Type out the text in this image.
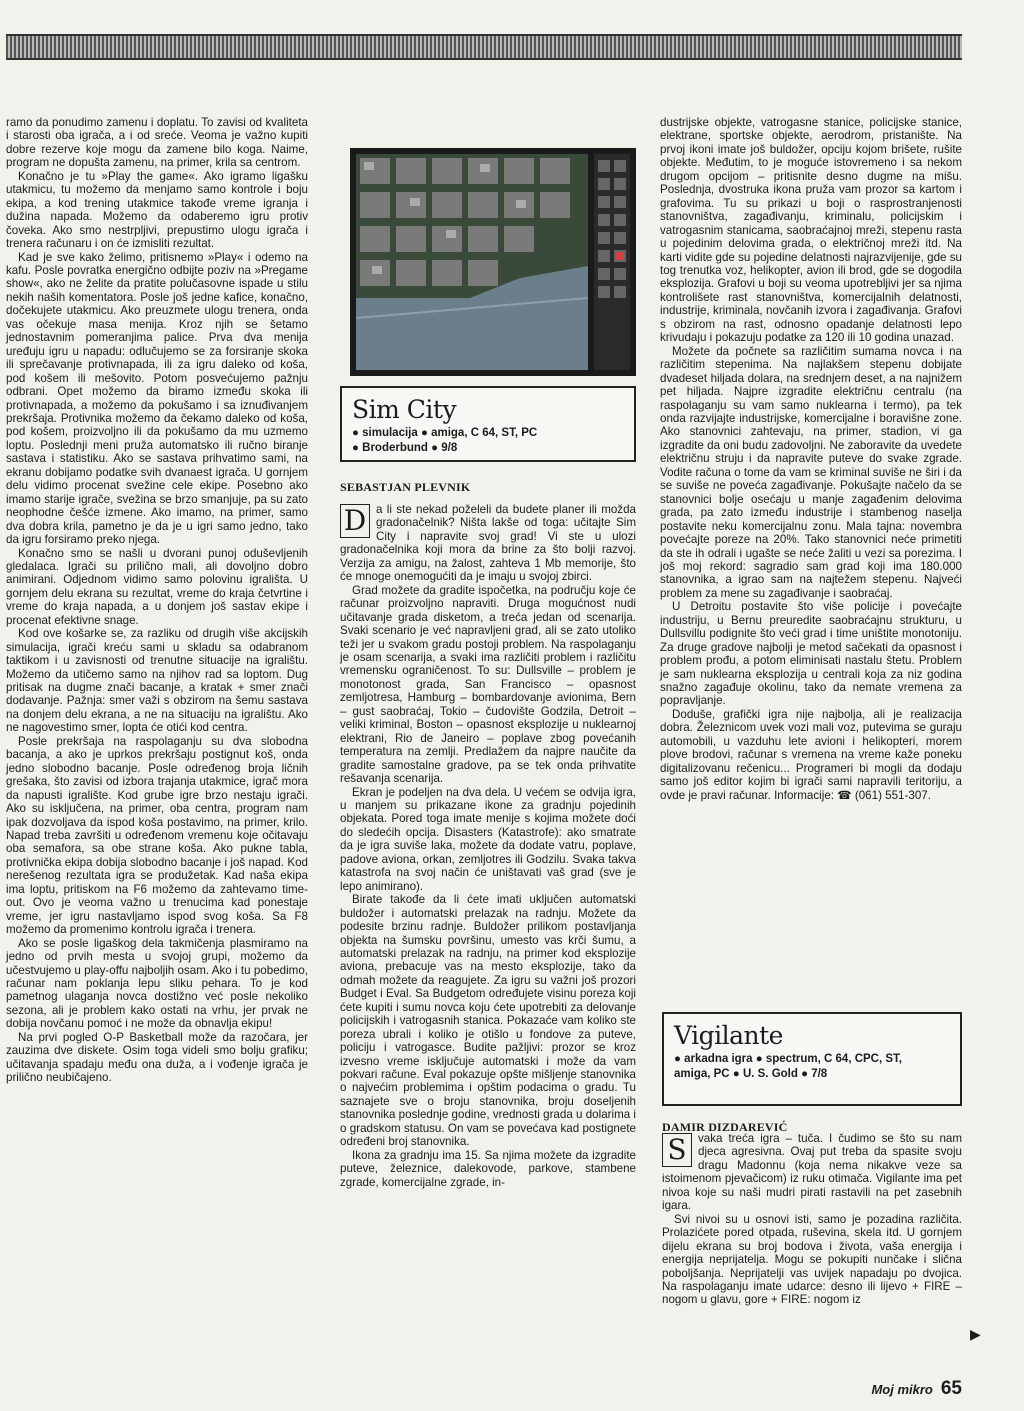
ramo da ponudimo zamenu i doplatu. To zavisi od kvaliteta i starosti oba igrača, a i od sreće. Veoma je važno kupiti dobre rezerve koje mogu da zamene bilo koga. Naime, program ne dopušta zamenu, na primer, krila sa centrom.

Konačno je tu »Play the game«. Ako igramo ligašku utakmicu, tu možemo da menjamo samo kontrole i boju ekipa, a kod trening utakmice takođe vreme igranja i dužina napada. Možemo da odaberemo igru protiv čoveka. Ako smo nestrpljivi, prepustimo ulogu igrača i trenera računaru i on će izmisliti rezultat.

Kad je sve kako želimo, pritisnemo »Play« i odemo na kafu. Posle povratka energično odbijte poziv na »Pregame show«, ako ne želite da pratite polučasovne ispade u stilu nekih naših komentatora. Posle još jedne kafice, konačno, dočekujete utakmicu. Ako preuzmete ulogu trenera, onda vas očekuje masa menija. Kroz njih se šetamo jednostavnim pomeranjima palice. Prva dva menija uređuju igru u napadu: odlučujemo se za forsiranje skoka ili sprečavanje protivnapada, ili za igru daleko od koša, pod košem ili mešovito. Potom posvećujemo pažnju odbrani. Opet možemo da biramo između skoka ili protivnapada, a možemo da pokušamo i sa iznuđivanjem prekršaja. Protivnika možemo da čekamo daleko od koša, pod košem, proizvoljno ili da pokušamo da mu uzmemo loptu. Poslednji meni pruža automatsko ili ručno biranje sastava i statistiku. Ako se sastava prihvatimo sami, na ekranu dobijamo podatke svih dvanaest igrača. U gornjem delu vidimo procenat svežine cele ekipe. Posebno ako imamo starije igrače, svežina se brzo smanjuje, pa su zato neophodne češće izmene. Ako imamo, na primer, samo dva dobra krila, pametno je da je u igri samo jedno, tako da igru forsiramo preko njega.

Konačno smo se našli u dvorani punoj oduševljenih gledalaca. Igrači su prilično mali, ali dovoljno dobro animirani. Odjednom vidimo samo polovinu igrališta. U gornjem delu ekrana su rezultat, vreme do kraja četvrtine i vreme do kraja napada, a u donjem još sastav ekipe i procenat efektivne snage.

Kod ove košarke se, za razliku od drugih više akcijskih simulacija, igrači kreću sami u skladu sa odabranom taktikom i u zavisnosti od trenutne situacije na igralištu. Možemo da utičemo samo na njihov rad sa loptom. Dug pritisak na dugme znači bacanje, a kratak + smer znači dodavanje. Pažnja: smer važi s obzirom na šemu sastava na donjem delu ekrana, a ne na situaciju na igralištu. Ako ne nagovestimo smer, lopta će otići kod centra.

Posle prekršaja na raspolaganju su dva slobodna bacanja, a ako je uprkos prekršaju postignut koš, onda jedno slobodno bacanje. Posle određenog broja ličnih grešaka, što zavisi od izbora trajanja utakmice, igrač mora da napusti igralište. Kod grube igre brzo nestaju igrači. Ako su isključena, na primer, oba centra, program nam ipak dozvoljava da ispod koša postavimo, na primer, krilo. Napad treba završiti u određenom vremenu koje očitavaju oba semafora, sa obe strane koša. Ako pukne tabla, protivnička ekipa dobija slobodno bacanje i još napad. Kod nerešenog rezultata igra se produžetak. Kad naša ekipa ima loptu, pritiskom na F6 možemo da zahtevamo time-out. Ovo je veoma važno u trenucima kad ponestaje vreme, jer igru nastavljamo ispod svog koša. Sa F8 možemo da promenimo kontrolu igrača i trenera.

Ako se posle ligaškog dela takmičenja plasmiramo na jedno od prvih mesta u svojoj grupi, možemo da učestvujemo u play-offu najboljih osam. Ako i tu pobedimo, računar nam poklanja lepu sliku pehara. To je kod pametnog ulaganja novca dostižno već posle nekoliko sezona, ali je problem kako ostati na vrhu, jer prvak ne dobija novčanu pomoć i ne može da obnavlja ekipu!

Na prvi pogled O-P Basketball može da razočara, jer zauzima dve diskete. Osim toga videli smo bolju grafiku; učitavanja spadaju među ona duža, a i vođenje igrača je prilično neubičajeno.

Sim City
● simulacija ● amiga, C 64, ST, PC
● Broderbund ● 9/8
SEBASTJAN PLEVNIK

D a li ste nekad poželeli da budete planer ili možda gradonačelnik? Ništa lakše od toga: učitajte Sim City i napravite svoj grad! Vi ste u ulozi gradonačelnika koji mora da brine za što bolji razvoj. Verzija za amigu, na žalost, zahteva 1 Mb memorije, što će mnoge onemogućiti da je imaju u svojoj zbirci.

Grad možete da gradite ispočetka, na području koje će računar proizvoljno napraviti. Druga mogućnost nudi učitavanje grada disketom, a treća jedan od scenarija. Svaki scenario je već napravljeni grad, ali se zato utoliko teži jer u svakom gradu postoji problem. Na raspolaganju je osam scenarija, a svaki ima različiti problem i različitu vremensku ograničenost. To su: Dullsville – problem je monotonost grada, San Francisco – opasnost zemljotresa, Hamburg – bombardovanje avionima, Bern – gust saobraćaj, Tokio – čudovište Godzila, Detroit – veliki kriminal, Boston – opasnost eksplozije u nuklearnoj elektrani, Rio de Janeiro – poplave zbog povećanih temperatura na zemlji. Predlažem da najpre naučite da gradite samostalne gradove, pa se tek onda prihvatite rešavanja scenarija.

Ekran je podeljen na dva dela. U većem se odvija igra, u manjem su prikazane ikone za gradnju pojedinih objekata. Pored toga imate menije s kojima možete doći do sledećih opcija. Disasters (Katastrofe): ako smatrate da je igra suviše laka, možete da dodate vatru, poplave, padove aviona, orkan, zemljotres ili Godzilu. Svaka takva katastrofa na svoj način će uništavati vaš grad (sve je lepo animirano).

Birate takođe da li ćete imati uključen automatski buldožer i automatski prelazak na radnju. Možete da podesite brzinu radnje. Buldožer prilikom postavljanja objekta na šumsku površinu, umesto vas krči šumu, a automatski prelazak na radnju, na primer kod eksplozije aviona, prebacuje vas na mesto eksplozije, tako da odmah možete da reagujete. Za igru su važni još prozori Budget i Eval. Sa Budgetom određujete visinu poreza koji ćete kupiti i sumu novca koju ćete upotrebiti za delovanje policijskih i vatrogasnih stanica. Pokazaće vam koliko ste poreza ubrali i koliko je otišlo u fondove za puteve, policiju i vatrogasce. Budite pažljivi: prozor se kroz izvesno vreme isključuje automatski i može da vam pokvari račune. Eval pokazuje opšte mišljenje stanovnika o najvećim problemima i opštim podacima o gradu. Tu saznajete sve o broju stanovnika, broju doseljenih stanovnika poslednje godine, vrednosti grada u dolarima i o gradskom statusu. On vam se povećava kad postignete određeni broj stanovnika.

Ikona za gradnju ima 15. Sa njima možete da izgradite puteve, železnice, dalekovode, parkove, stambene zgrade, komercijalne zgrade, in-

dustrijske objekte, vatrogasne stanice, policijske stanice, elektrane, sportske objekte, aerodrom, pristanište. Na prvoj ikoni imate još buldožer, opciju kojom brišete, rušite objekte. Međutim, to je moguće istovremeno i sa nekom drugom opcijom – pritisnite desno dugme na mišu. Poslednja, dvostruka ikona pruža vam prozor sa kartom i grafovima. Tu su prikazi u boji o rasprostranjenosti stanovništva, zagađivanju, kriminalu, policijskim i vatrogasnim stanicama, saobraćajnoj mreži, stepenu rasta u pojedinim delovima grada, o električnoj mreži itd. Na karti vidite gde su pojedine delatnosti najrazvijenije, gde su tog trenutka voz, helikopter, avion ili brod, gde se dogodila eksplozija. Grafovi u boji su veoma upotrebljivi jer sa njima kontrolišete rast stanovništva, komercijalnih delatnosti, industrije, kriminala, novčanih izvora i zagađivanja. Grafovi s obzirom na rast, odnosno opadanje delatnosti lepo krivudaju i pokazuju podatke za 120 ili 10 godina unazad.

Možete da počnete sa različitim sumama novca i na različitim stepenima. Na najlakšem stepenu dobijate dvadeset hiljada dolara, na srednjem deset, a na najnižem pet hiljada. Najpre izgradite električnu centralu (na raspolaganju su vam samo nuklearna i termo), pa tek onda razvijajte industrijske, komercijalne i boravišne zone. Ako stanovnici zahtevaju, na primer, stadion, vi ga izgradite da oni budu zadovoljni. Ne zaboravite da uvedete električnu struju i da napravite puteve do svake zgrade. Vodite računa o tome da vam se kriminal suviše ne širi i da se suviše ne poveća zagađivanje. Pokušajte načelo da se stanovnici bolje osećaju u manje zagađenim delovima grada, pa zato između industrije i stambenog naselja postavite neku komercijalnu zonu. Mala tajna: novembra povećajte poreze na 20%. Tako stanovnici neće primetiti da ste ih odrali i ugašte se neće žaliti u vezi sa porezima. I još moj rekord: sagradio sam grad koji ima 180.000 stanovnika, a igrao sam na najtežem stepenu. Najveći problem za mene su zagađivanje i saobraćaj.

U Detroitu postavite što više policije i povećajte industriju, u Bernu preuredite saobraćajnu strukturu, u Dullsvillu podignite što veći grad i time uništite monotoniju. Za druge gradove najbolji je metod sačekati da opasnost i problem prođu, a potom eliminisati nastalu štetu. Problem je sam nuklearna eksplozija u centrali koja za niz godina snažno zagađuje okolinu, tako da nemate vremena za popravljanje.

Doduše, grafički igra nije najbolja, ali je realizacija dobra. Železnicom uvek vozi mali voz, putevima se guraju automobili, u vazduhu lete avioni i helikopteri, morem plove brodovi, računar s vremena na vreme kaže poneku digitalizovanu rečenicu... Programeri bi mogli da dodaju samo još editor kojim bi igrači sami napravili teritoriju, a ovde je pravi računar. Informacije: ☎ (061) 551-307.

Vigilante
● arkadna igra ● spectrum, C 64, CPC, ST,
amiga, PC ● U. S. Gold ● 7/8
DAMIR DIZDAREVIĆ

S vaka treća igra – tuča. I čudimo se što su nam djeca agresivna. Ovaj put treba da spasite svoju dragu Madonnu (koja nema nikakve veze sa istoimenom pjevačicom) iz ruku otimača. Vigilante ima pet nivoa koje su naši mudri pirati rastavili na pet zasebnih igara.

Svi nivoi su u osnovi isti, samo je pozadina različita. Prolazićete pored otpada, ruševina, skela itd. U gornjem dijelu ekrana su broj bodova i života, vaša energija i energija neprijatelja. Mogu se pokupiti nunčake i slična poboljšanja. Neprijatelji vas uvijek napadaju po dvojica. Na raspolaganju imate udarce: desno ili lijevo + FIRE – nogom u glavu, gore + FIRE: nogom iz

▶
Moj mikro 65
